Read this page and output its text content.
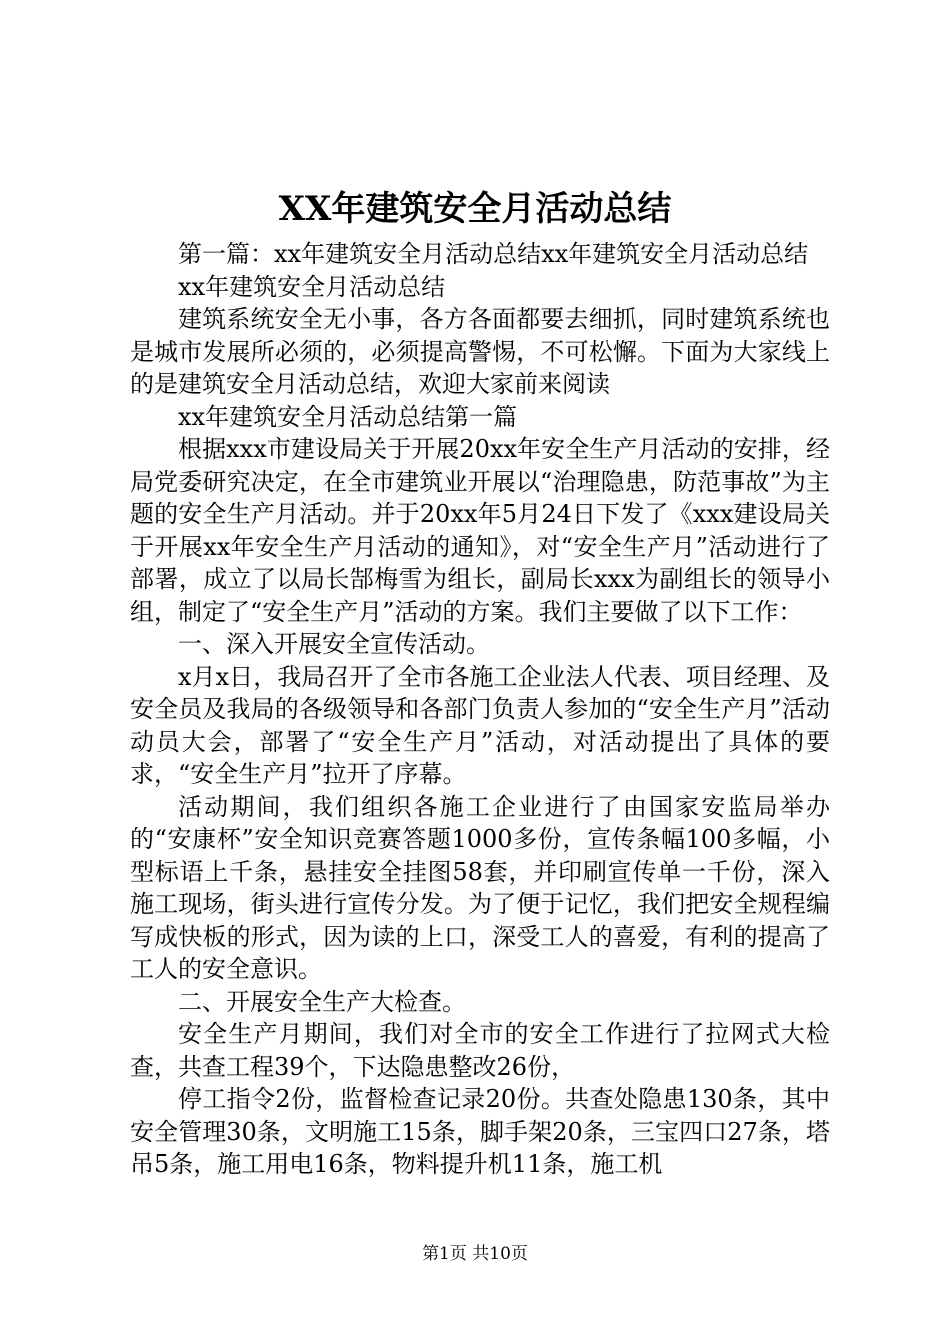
XX年建筑安全月活动总结

第一篇：xx年建筑安全月活动总结xx年建筑安全月活动总结

xx年建筑安全月活动总结

建筑系统安全无小事，各方各面都要去细抓，同时建筑系统也是城市发展所必须的，必须提高警惕，不可松懈。下面为大家线上的是建筑安全月活动总结，欢迎大家前来阅读

xx年建筑安全月活动总结第一篇

根据xxx市建设局关于开展20xx年安全生产月活动的安排，经局党委研究决定，在全市建筑业开展以“治理隐患，防范事故”为主题的安全生产月活动。并于20xx年5月24日下发了《xxx建设局关于开展xx年安全生产月活动的通知》，对“安全生产月”活动进行了部署，成立了以局长郜梅雪为组长，副局长xxx为副组长的领导小组，制定了“安全生产月”活动的方案。我们主要做了以下工作：

一、深入开展安全宣传活动。

x月x日，我局召开了全市各施工企业法人代表、项目经理、及安全员及我局的各级领导和各部门负责人参加的“安全生产月”活动动员大会，部署了“安全生产月”活动，对活动提出了具体的要求，“安全生产月”拉开了序幕。

活动期间，我们组织各施工企业进行了由国家安监局举办的“安康杯”安全知识竞赛答题1000多份，宣传条幅100多幅，小型标语上千条，悬挂安全挂图58套，并印刷宣传单一千份，深入施工现场，街头进行宣传分发。为了便于记忆，我们把安全规程编写成快板的形式，因为读的上口，深受工人的喜爱，有利的提高了工人的安全意识。

二、开展安全生产大检查。

安全生产月期间，我们对全市的安全工作进行了拉网式大检查，共查工程39个，下达隐患整改26份，

停工指令2份，监督检查记录20份。共查处隐患130条，其中安全管理30条，文明施工15条，脚手架20条，三宝四口27条，塔吊5条，施工用电16条，物料提升机11条，施工机

第1页 共10页
